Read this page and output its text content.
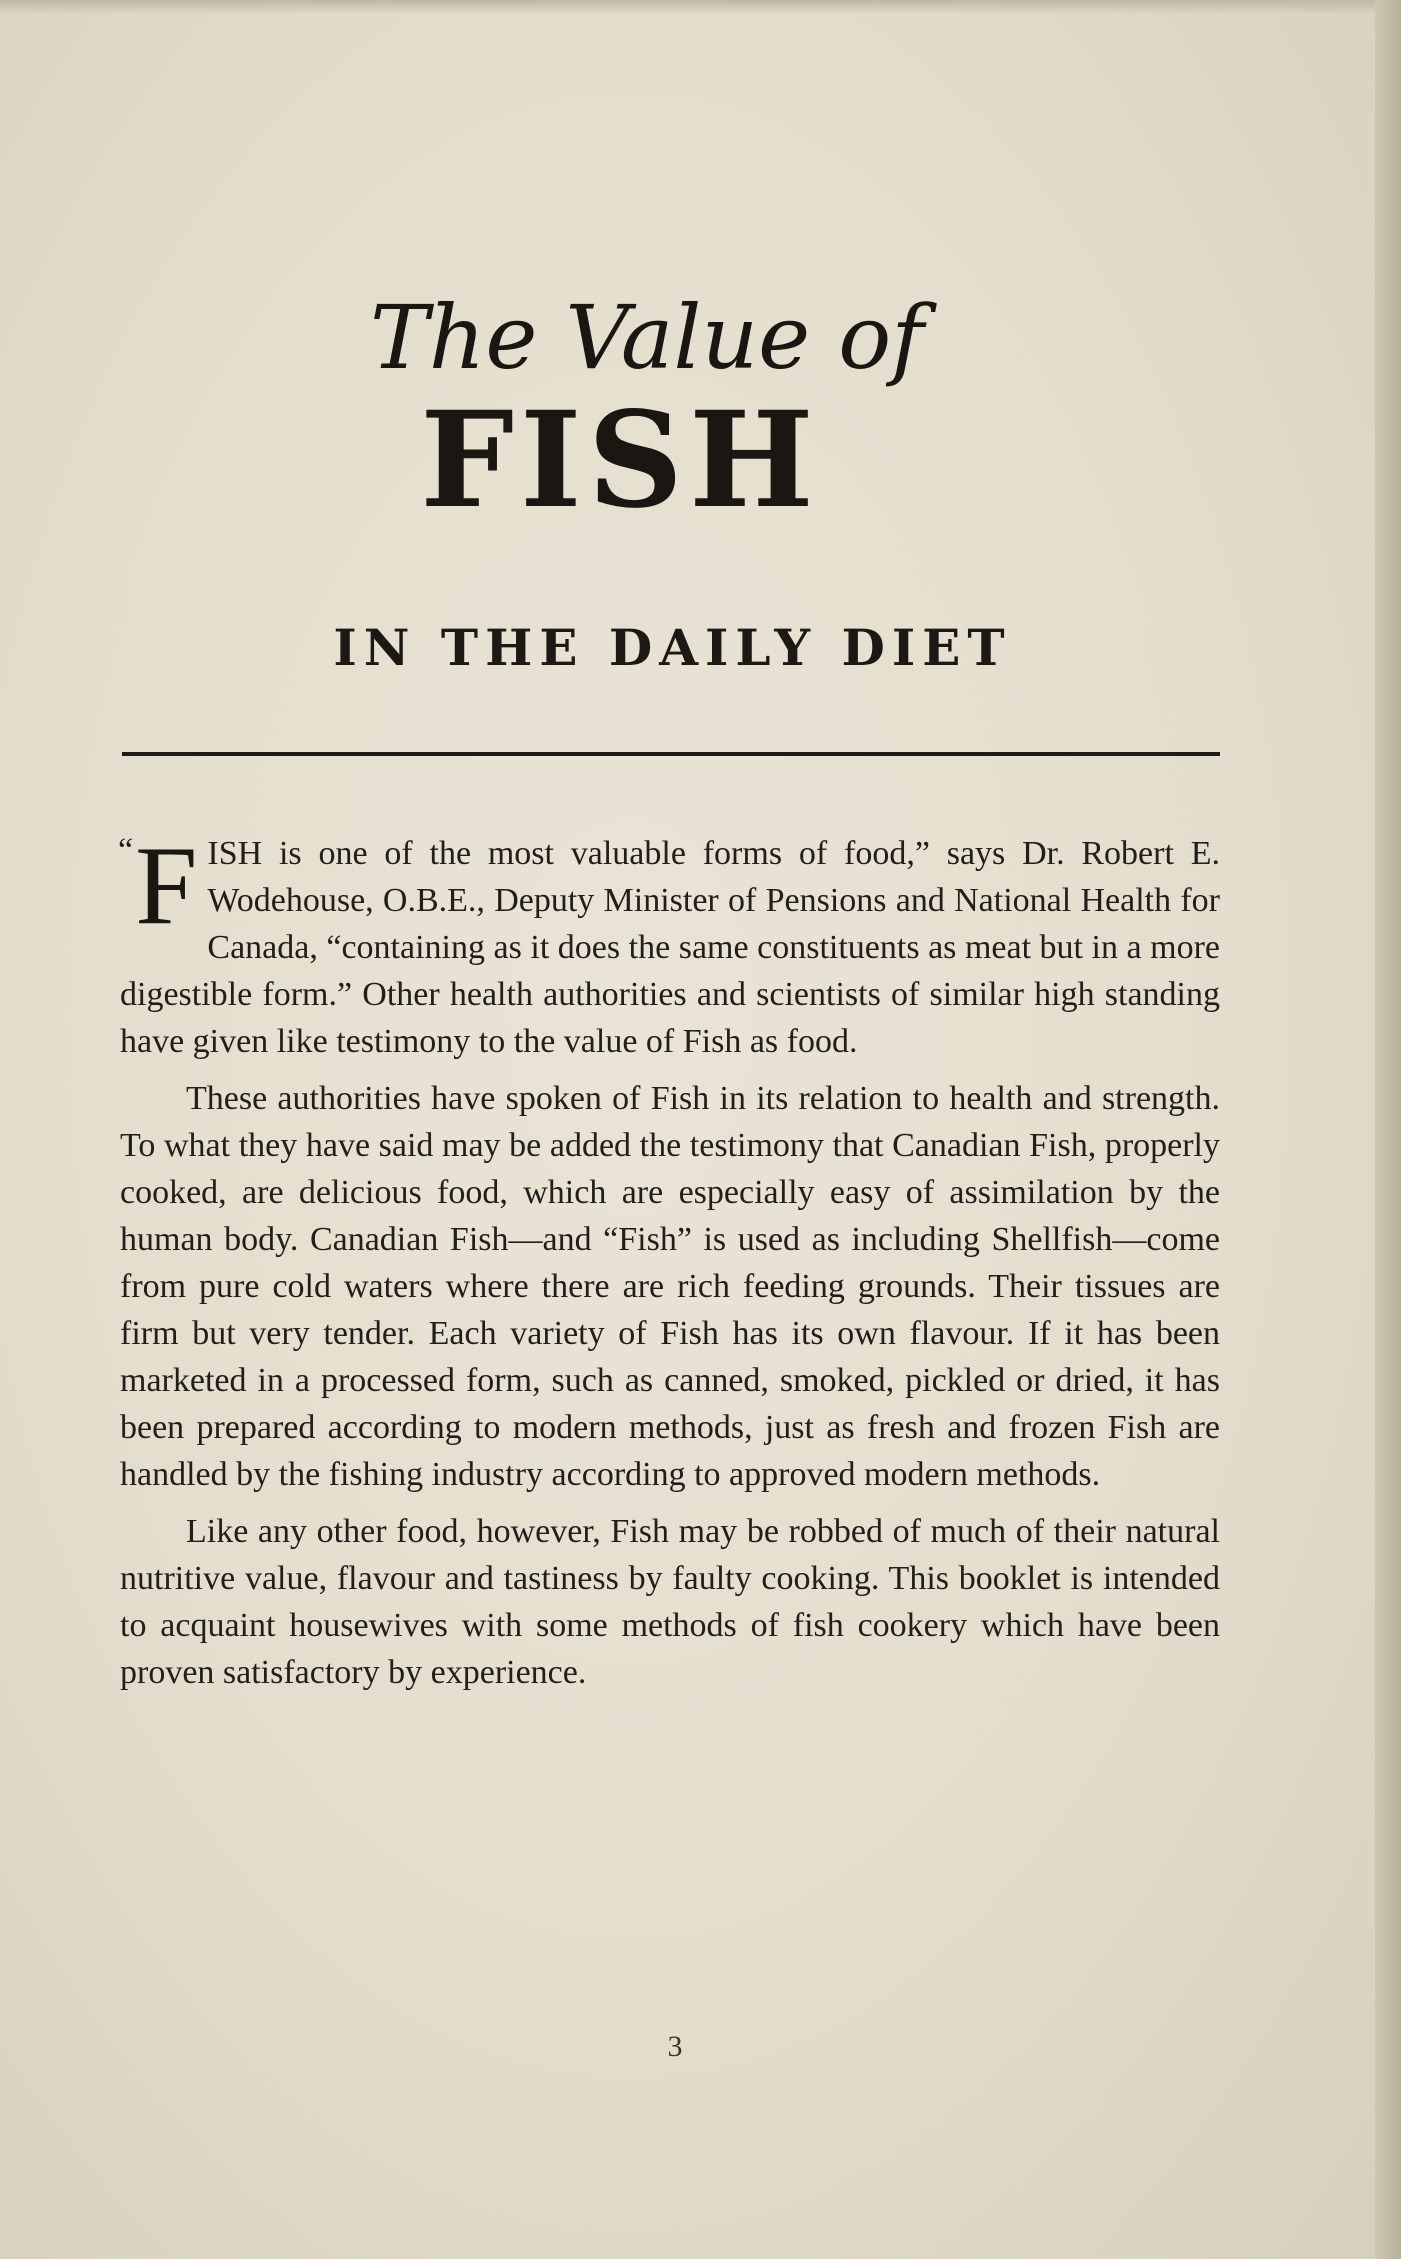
The Value of
FISH
IN THE DAILY DIET

“ F ISH is one of the most valuable forms of food,” says Dr. Robert E. Wodehouse, O.B.E., Deputy Minister of Pensions and National Health for Canada, “containing as it does the same constituents as meat but in a more digestible form.” Other health authorities and scientists of similar high standing have given like testimony to the value of Fish as food.

These authorities have spoken of Fish in its relation to health and strength. To what they have said may be added the testimony that Canadian Fish, properly cooked, are delicious food, which are especially easy of assimilation by the human body. Canadian Fish—and “Fish” is used as including Shellfish—come from pure cold waters where there are rich feeding grounds. Their tissues are firm but very tender. Each variety of Fish has its own flavour. If it has been marketed in a processed form, such as canned, smoked, pickled or dried, it has been prepared according to modern methods, just as fresh and frozen Fish are handled by the fishing industry according to approved modern methods.

Like any other food, however, Fish may be robbed of much of their natural nutritive value, flavour and tastiness by faulty cooking. This booklet is intended to acquaint housewives with some methods of fish cookery which have been proven satisfactory by experience.

3
